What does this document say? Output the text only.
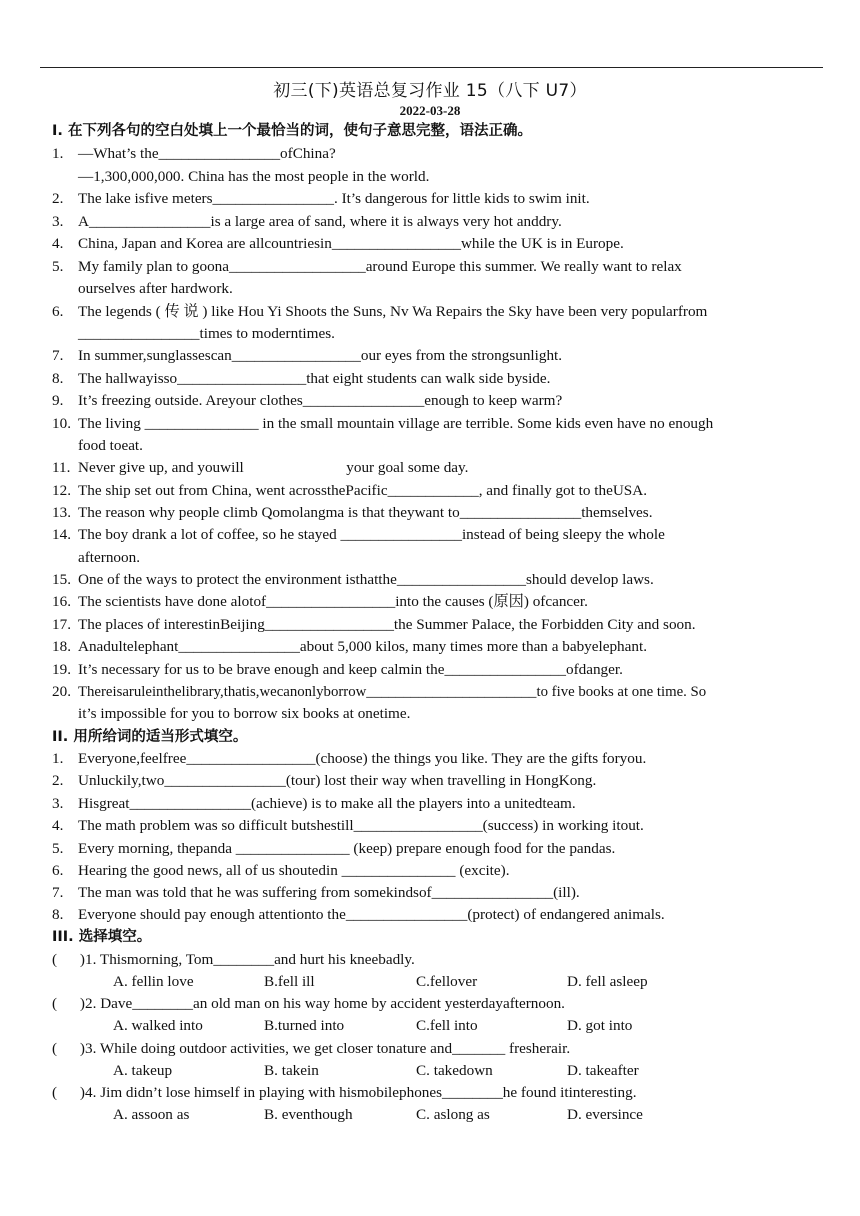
初三(下)英语总复习作业 15（八下 U7）
2022-03-28
I. 在下列各句的空白处填上一个最恰当的词，使句子意思完整，语法正确。
1. —What’s the________________ofChina?
—1,300,000,000. China has the most people in the world.
2. The lake isfive meters________________. It’s dangerous for little kids to swim init.
3. A________________is a large area of sand, where it is always very hot anddry.
4. China, Japan and Korea are allcountriesin_________________while the UK is in Europe.
5. My family plan to goona__________________around Europe this summer. We really want to relax
ourselves after hardwork.
6. The legends ( 传 说 ) like Hou Yi Shoots the Suns, Nv Wa Repairs the Sky have been very popularfrom
________________times to moderntimes.
7. In summer,sunglassescan_________________our eyes from the strongsunlight.
8. The hallwayisso_________________that eight students can walk side byside.
9. It’s freezing outside. Areyour clothes________________enough to keep warm?
10. The living _______________ in the small mountain village are terrible. Some kids even have no enough
food toeat.
11. Never give up, and youwill                           your goal some day.
12. The ship set out from China, went acrossthePacific____________, and finally got to theUSA.
13. The reason why people climb Qomolangma is that theywant to________________themselves.
14. The boy drank a lot of coffee, so he stayed ________________instead of being sleepy the whole
afternoon.
15. One of the ways to protect the environment isthatthe_________________should develop laws.
16. The scientists have done alotof_________________into the causes (原因) ofcancer.
17. The places of interestinBeijing_________________the Summer Palace, the Forbidden City and soon.
18. Anadultelephant________________about 5,000 kilos, many times more than a babyelephant.
19. It’s necessary for us to be brave enough and keep calmin the________________ofdanger.
20. Thereisaruleinthelibrary,thatis,wecanonlyborrow_______________________to five books at one time. So
it’s impossible for you to borrow six books at onetime.
II. 用所给词的适当形式填空。
1. Everyone,feelfree_________________(choose) the things you like. They are the gifts foryou.
2. Unluckily,two________________(tour) lost their way when travelling in HongKong.
3. Hisgreat________________(achieve) is to make all the players into a unitedteam.
4. The math problem was so difficult butshestill_________________(success) in working itout.
5. Every morning, thepanda _______________ (keep) prepare enough food for the pandas.
6. Hearing the good news, all of us shoutedin _______________ (excite).
7. The man was told that he was suffering from somekindsof________________(ill).
8. Everyone should pay enough attentionto the________________(protect) of endangered animals.
III. 选择填空。
(      ) 1. Thismorning, Tom________and hurt his kneebadly.
A. fellin love	B.fell ill	C.fellover	D. fell asleep
(      ) 2. Dave________an old man on his way home by accident yesterdayafternoon.
A. walked into	B.turned into	C.fell into	D. got into
(      ) 3. While doing outdoor activities, we get closer tonature and_______ fresherair.
A. takeup	B. takein	C. takedown	D. takeafter
(      ) 4. Jim didn’t lose himself in playing with hismobilephones________he found itinteresting.
A. assoon as	B. eventhough	C. aslong as	D. eversince
